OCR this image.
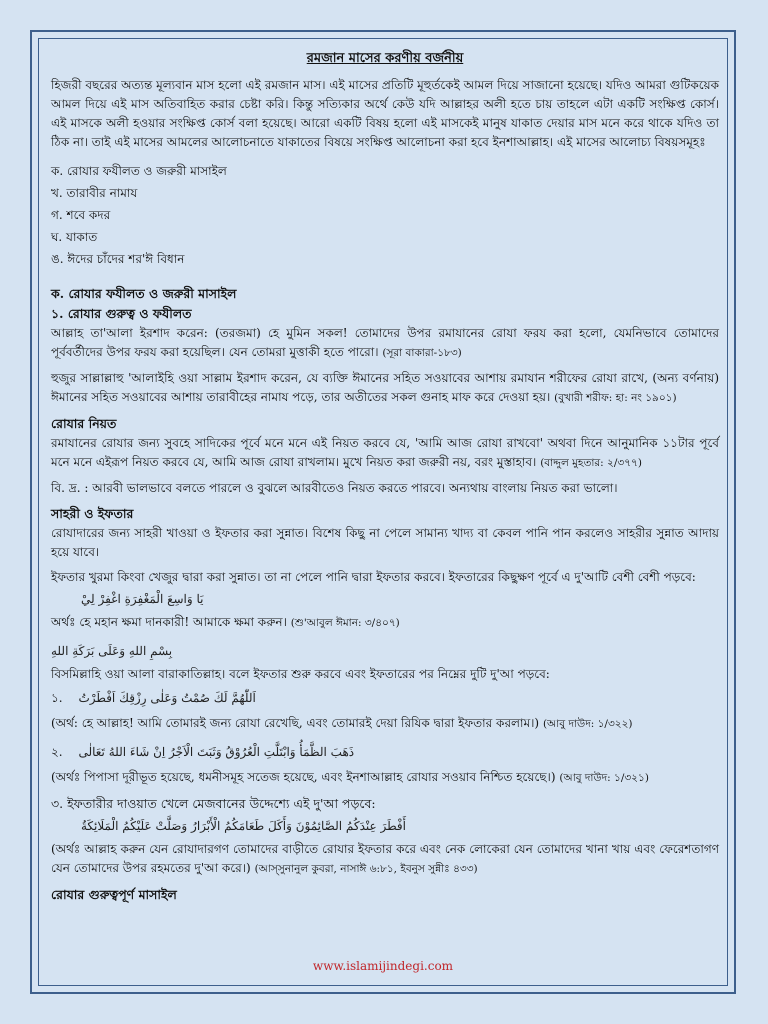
রমজান মাসের করণীয় বর্জনীয়

হিজরী বছরের অত্যন্ত মূল্যবান মাস হলো এই রমজান মাস। এই মাসের প্রতিটি মূহুর্তকেই আমল দিয়ে সাজানো হয়েছে। যদিও আমরা গুটিকয়েক আমল দিয়ে এই মাস অতিবাহিত করার চেষ্টা করি। কিন্তু সত্যিকার অর্থে কেউ যদি আল্লাহর অলী হতে চায় তাহলে এটা একটি সংক্ষিপ্ত কোর্স। এই মাসকে অলী হওয়ার সংক্ষিপ্ত কোর্স বলা হয়েছে। আরো একটি বিষয় হলো এই মাসকেই মানুষ যাকাত দেয়ার মাস মনে করে থাকে যদিও তা ঠিক না। তাই এই মাসের আমলের আলোচনাতে যাকাতের বিষয়ে সংক্ষিপ্ত আলোচনা করা হবে ইনশাআল্লাহ। এই মাসের আলোচ্য বিষয়সমূহঃ

ক. রোযার ফযীলত ও জরুরী মাসাইল
খ. তারাবীর নামায
গ. শবে কদর
ঘ. যাকাত
ঙ. ঈদের চাঁদের শর'ঈ বিধান
ক. রোযার ফযীলত ও জরুরী মাসাইল
১. রোযার গুরুত্ব ও ফযীলত

আল্লাহ তা'আলা ইরশাদ করেন: (তরজমা) হে মুমিন সকল! তোমাদের উপর রমাযানের রোযা ফরয করা হলো, যেমনিভাবে তোমাদের পূর্ববর্তীদের উপর ফরয করা হয়েছিল। যেন তোমরা মুত্তাকী হতে পারো। (সূরা বাকারা-১৮৩)

হুজুর সাল্লাল্লাহু 'আলাইহি ওয়া সাল্লাম ইরশাদ করেন, যে ব্যক্তি ঈমানের সহিত সওয়াবের আশায় রমাযান শরীফের রোযা রাখে, (অন্য বর্ণনায়) ঈমানের সহিত সওয়াবের আশায় তারাবীহের নামায পড়ে, তার অতীতের সকল গুনাহ মাফ করে দেওয়া হয়। (বুখারী শরীফ: হা: নং ১৯০১)

রোযার নিয়ত

রমাযানের রোযার জন্য সুবহে সাদিকের পূর্বে মনে মনে এই নিয়ত করবে যে, 'আমি আজ রোযা রাখবো' অথবা দিনে আনুমানিক ১১টার পূর্বে মনে মনে এইরূপ নিয়ত করবে যে, আমি আজ রোযা রাখলাম। মুখে নিয়ত করা জরুরী নয়, বরং মুস্তাহাব। (বাদ্দুল মুহতার: ২/৩৭৭)

বি. দ্র. : আরবী ভালভাবে বলতে পারলে ও বুঝলে আরবীতেও নিয়ত করতে পারবে। অন্যথায় বাংলায় নিয়ত করা ভালো।

সাহরী ও ইফতার

রোযাদারের জন্য সাহরী খাওয়া ও ইফতার করা সুন্নাত। বিশেষ কিছু না পেলে সামান্য খাদ্য বা কেবল পানি পান করলেও সাহরীর সুন্নাত আদায় হয়ে যাবে।

ইফতার খুরমা কিংবা খেজুর দ্বারা করা সুন্নাত। তা না পেলে পানি দ্বারা ইফতার করবে। ইফতারের কিছুক্ষণ পূর্বে এ দু'আটি বেশী বেশী পড়বে:

يَا وَاسِعَ الْمَغْفِرَةِ اغْفِرْ لِيْ

অর্থঃ হে মহান ক্ষমা দানকারী! আমাকে ক্ষমা করুন। (শু'আবুল ঈমান: ৩/৪০৭)

بِسْمِ اللهِ وَعَلَى بَرَكَةِ اللهِ

বিসমিল্লাহি ওয়া আলা বারাকাতিল্লাহ। বলে ইফতার শুরু করবে এবং ইফতারের পর নিম্নের দুটি দু'আ পড়বে:

১. اَللّٰهُمَّ لَكَ صُمْتُ وَعَلٰى رِزْقِكَ اَفْطَرْتُ

(অর্থ: হে আল্লাহ! আমি তোমারই জন্য রোযা রেখেছি, এবং তোমারই দেয়া রিযিক দ্বারা ইফতার করলাম।) (আবু দাউদ: ১/৩২২)

২. ذَهَبَ الظَّمَأُ وَابْتَلَّتِ الْعُرُوْقُ وَثَبَتَ الْاَجْرُ اِنْ شَاءَ اللهُ تَعَالٰى

(অর্থঃ পিপাসা দূরীভূত হয়েছে, ধমনীসমূহ সতেজ হয়েছে, এবং ইনশাআল্লাহ রোযার সওয়াব নিশ্চিত হয়েছে।) (আবু দাউদ: ১/৩২১)

৩. ইফতারীর দাওয়াত খেলে মেজবানের উদ্দেশ্যে এই দু'আ পড়বে:
أَفْطَرَ عِنْدَكُمُ الصَّائِمُوْنَ وَأَكَلَ طَعَامَكُمُ الْأَبْرَارُ وَصَلَّتْ عَلَيْكُمُ الْمَلَائِكَةُ

(অর্থঃ আল্লাহ করুন যেন রোযাদারগণ তোমাদের বাড়ীতে রোযার ইফতার করে এবং নেক লোকেরা যেন তোমাদের খানা খায় এবং ফেরেশতাগণ যেন তোমাদের উপর রহমতের দু'আ করে।) (আস্সুনানুল কুবরা, নাসাঈ ৬:৮১, ইবনুস সুন্নীঃ ৪৩৩)

রোযার গুরুত্বপূর্ণ মাসাইল
www.islamijindegi.com
